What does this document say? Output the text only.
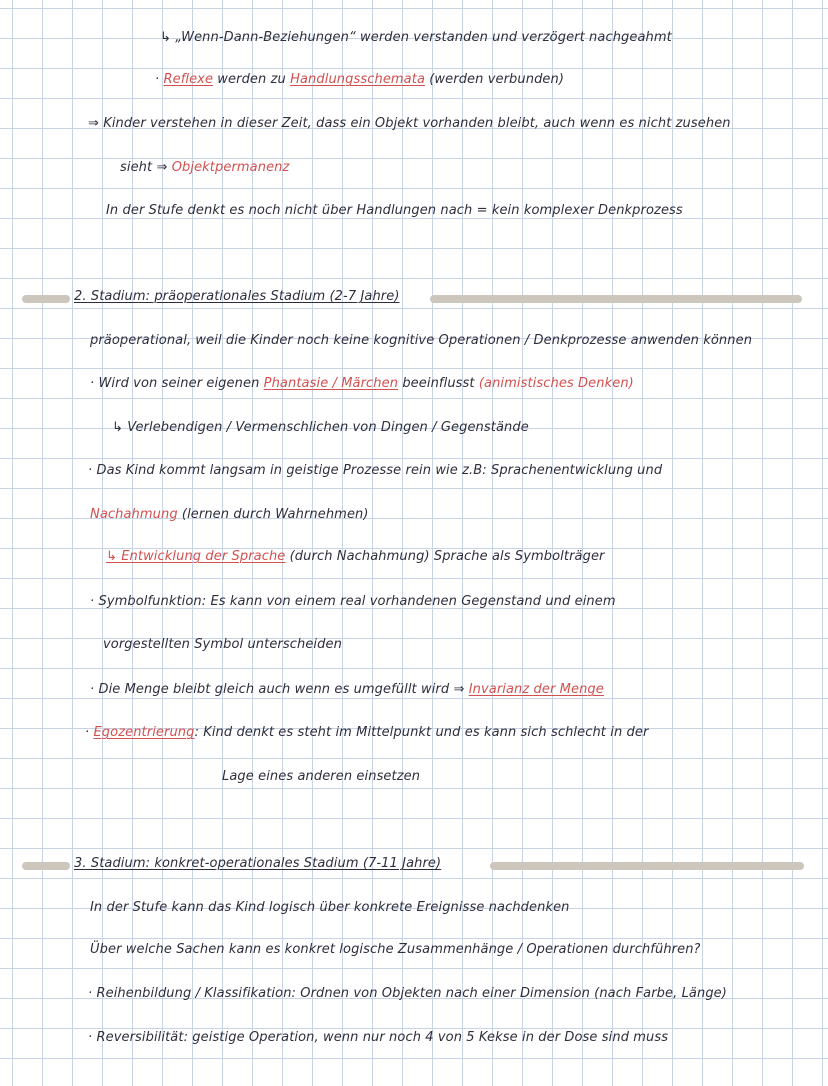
↳ „Wenn-Dann-Beziehungen“ werden verstanden und verzögert nachgeahmt
· Reflexe werden zu Handlungsschemata (werden verbunden)
⇒ Kinder verstehen in dieser Zeit, dass ein Objekt vorhanden bleibt, auch wenn es nicht zusehen
sieht ⇒ Objektpermanenz
In der Stufe denkt es noch nicht über Handlungen nach = kein komplexer Denkprozess
2. Stadium: präoperationales Stadium (2-7 Jahre)
präoperational, weil die Kinder noch keine kognitive Operationen / Denkprozesse anwenden können
· Wird von seiner eigenen Phantasie / Märchen beeinflusst (animistisches Denken)
↳ Verlebendigen / Vermenschlichen von Dingen / Gegenstände
· Das Kind kommt langsam in geistige Prozesse rein wie z.B: Sprachenentwicklung und
Nachahmung (lernen durch Wahrnehmen)
↳ Entwicklung der Sprache (durch Nachahmung) Sprache als Symbolträger
· Symbolfunktion: Es kann von einem real vorhandenen Gegenstand und einem
vorgestellten Symbol unterscheiden
· Die Menge bleibt gleich auch wenn es umgefüllt wird ⇒ Invarianz der Menge
· Egozentrierung: Kind denkt es steht im Mittelpunkt und es kann sich schlecht in der
Lage eines anderen einsetzen
3. Stadium: konkret-operationales Stadium (7-11 Jahre)
In der Stufe kann das Kind logisch über konkrete Ereignisse nachdenken
Über welche Sachen kann es konkret logische Zusammenhänge / Operationen durchführen?
· Reihenbildung / Klassifikation: Ordnen von Objekten nach einer Dimension (nach Farbe, Länge)
· Reversibilität: geistige Operation, wenn nur noch 4 von 5 Kekse in der Dose sind muss
